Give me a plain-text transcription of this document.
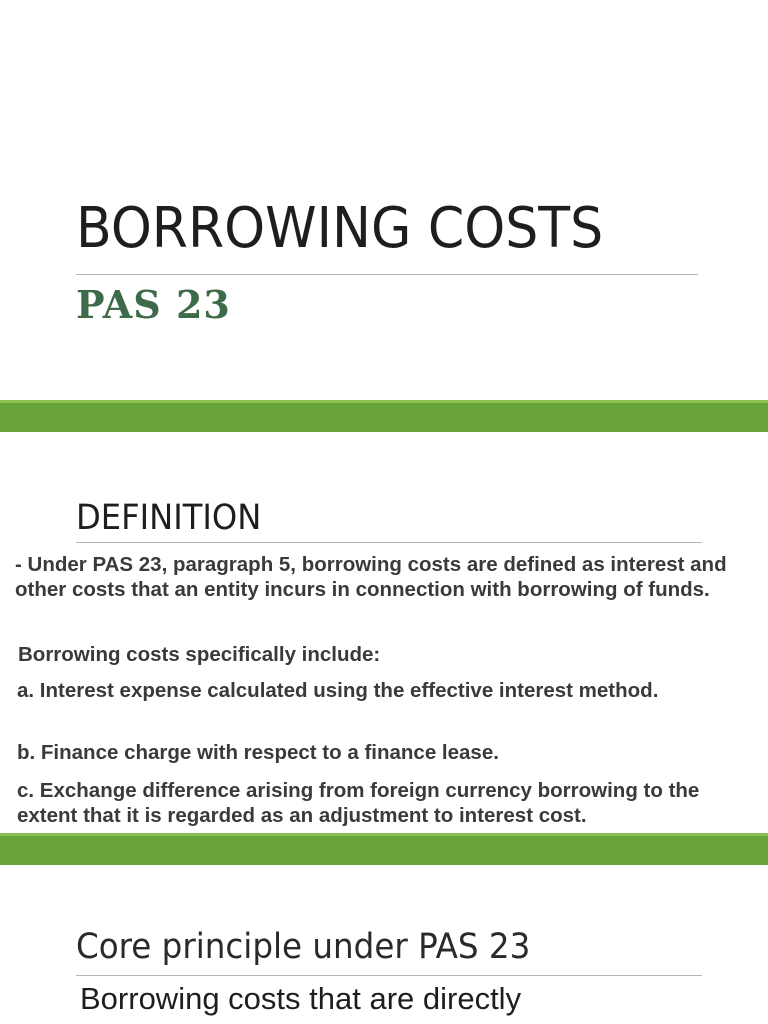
BORROWING COSTS
PAS 23
DEFINITION
- Under PAS 23, paragraph 5, borrowing costs are defined as interest and other costs that an entity incurs in connection with borrowing of funds.
Borrowing costs specifically include:
a. Interest expense calculated using the effective interest method.
b. Finance charge with respect to a finance lease.
c. Exchange difference arising from foreign currency borrowing to the extent that it is regarded as an adjustment to interest cost.
Core principle under PAS 23
Borrowing costs that are directly
